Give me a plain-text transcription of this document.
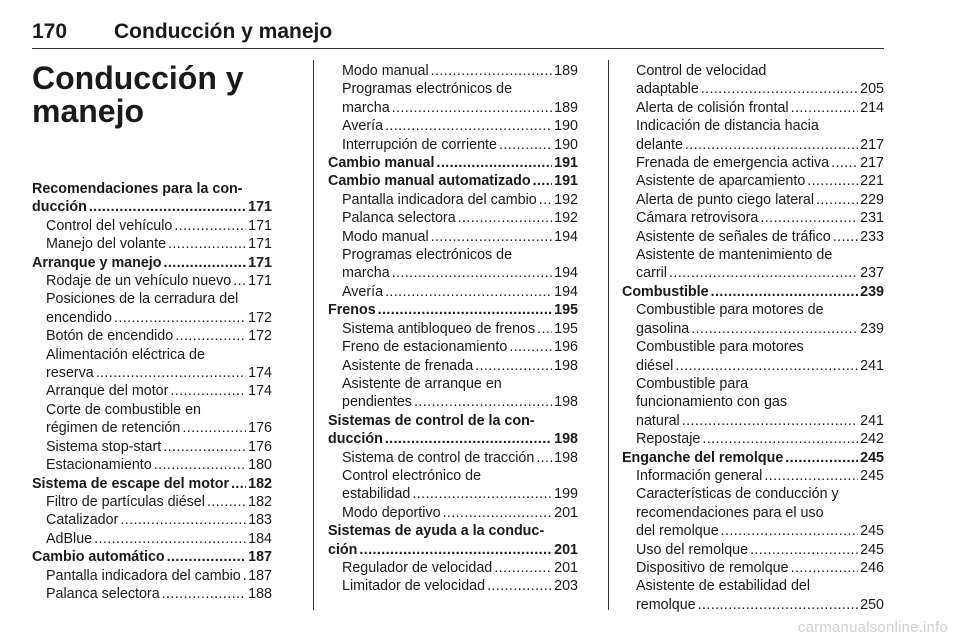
170 Conducción y manejo
Conducción y manejo
Recomendaciones para la con-
ducción .....	171
Control del vehículo .....	171
Manejo del volante .....	171
Arranque y manejo .....	171
Rodaje de un vehículo nuevo ..... 171
Posiciones de la cerradura del
encendido .....	172
Botón de encendido .....	172
Alimentación eléctrica de
reserva .....	174
Arranque del motor .....	174
Corte de combustible en
régimen de retención .....	176
Sistema stop-start .....	176
Estacionamiento .....	180
Sistema de escape del motor ..... 182
Filtro de partículas diésel .....	182
Catalizador .....	183
AdBlue .....	184
Cambio automático .....	187
Pantalla indicadora del cambio ..... 187
Palanca selectora .....	188
Modo manual .....	189
Programas electrónicos de
marcha .....	189
Avería .....	190
Interrupción de corriente .....	190
Cambio manual .....	191
Cambio manual automatizado ..... 191
Pantalla indicadora del cambio ..... 192
Palanca selectora .....	192
Modo manual .....	194
Programas electrónicos de
marcha .....	194
Avería .....	194
Frenos .....	195
Sistema antibloqueo de frenos ..... 195
Freno de estacionamiento .....	196
Asistente de frenada .....	198
Asistente de arranque en
pendientes .....	198
Sistemas de control de la con-
ducción .....	198
Sistema de control de tracción ..... 198
Control electrónico de
estabilidad .....	199
Modo deportivo .....	201
Sistemas de ayuda a la conduc-
ción .....	201
Regulador de velocidad .....	201
Limitador de velocidad .....	203
Control de velocidad
adaptable .....	205
Alerta de colisión frontal .....	214
Indicación de distancia hacia
delante .....	217
Frenada de emergencia activa ..... 217
Asistente de aparcamiento .....	221
Alerta de punto ciego lateral .....	229
Cámara retrovisora .....	231
Asistente de señales de tráfico ..... 233
Asistente de mantenimiento de
carril .....	237
Combustible .....	239
Combustible para motores de
gasolina .....	239
Combustible para motores
diésel .....	241
Combustible para
funcionamiento con gas
natural .....	241
Repostaje .....	242
Enganche del remolque .....	245
Información general .....	245
Características de conducción y
recomendaciones para el uso
del remolque .....	245
Uso del remolque .....	245
Dispositivo de remolque .....	246
Asistente de estabilidad del
remolque .....	250
carmanualsonline.info
